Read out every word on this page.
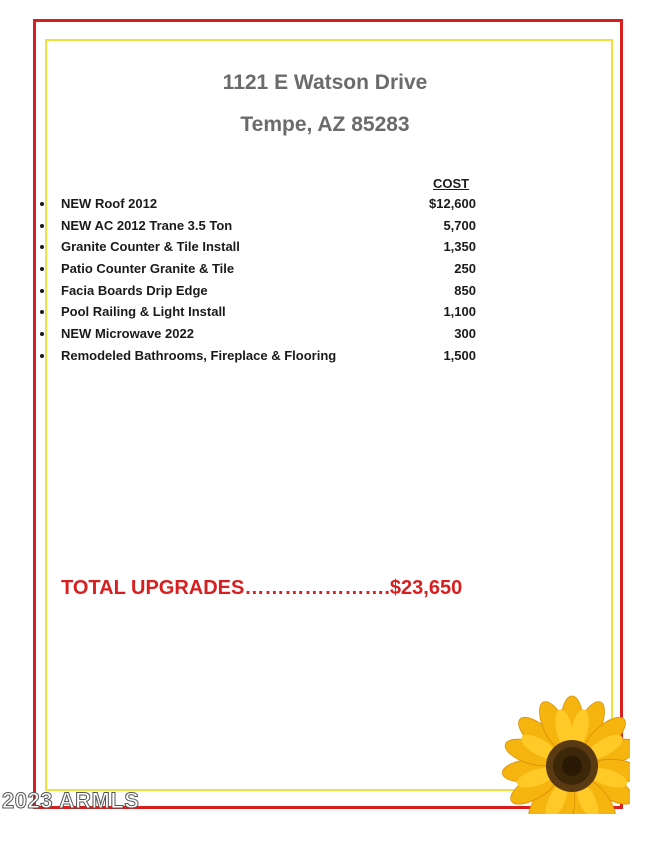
1121 E Watson Drive
Tempe, AZ 85283
COST
NEW Roof 2012	$12,600
NEW AC 2012 Trane 3.5 Ton	5,700
Granite Counter & Tile Install	1,350
Patio Counter Granite & Tile	250
Facia Boards Drip Edge	850
Pool Railing & Light Install	1,100
NEW Microwave 2022	300
Remodeled Bathrooms, Fireplace & Flooring	1,500
TOTAL UPGRADES………………….$23,650
2023 ARMLS
